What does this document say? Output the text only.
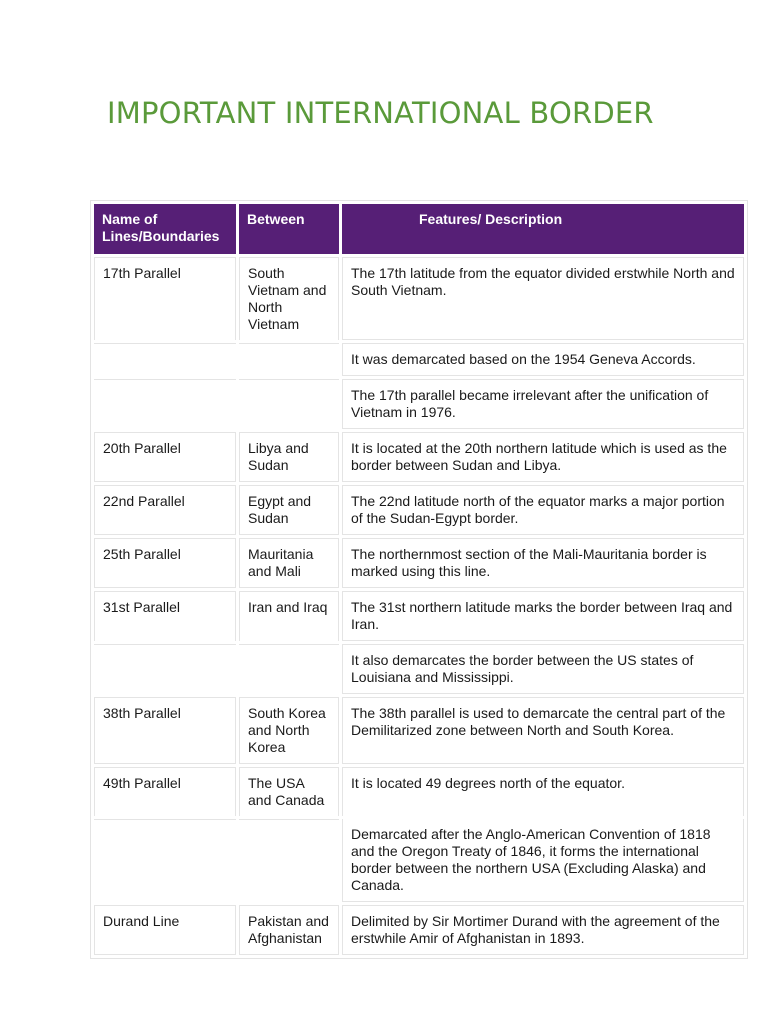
IMPORTANT INTERNATIONAL BORDER
Name of Lines/Boundaries	Between	Features/ Description
17th Parallel	South Vietnam and North Vietnam	The 17th latitude from the equator divided erstwhile North and South Vietnam.
		It was demarcated based on the 1954 Geneva Accords.
		The 17th parallel became irrelevant after the unification of Vietnam in 1976.
20th Parallel	Libya and Sudan	It is located at the 20th northern latitude which is used as the border between Sudan and Libya.
22nd Parallel	Egypt and Sudan	The 22nd latitude north of the equator marks a major portion of the Sudan-Egypt border.
25th Parallel	Mauritania and Mali	The northernmost section of the Mali-Mauritania border is marked using this line.
31st Parallel	Iran and Iraq	The 31st northern latitude marks the border between Iraq and Iran.
		It also demarcates the border between the US states of Louisiana and Mississippi.
38th Parallel	South Korea and North Korea	The 38th parallel is used to demarcate the central part of the Demilitarized zone between North and South Korea.
49th Parallel	The USA and Canada	It is located 49 degrees north of the equator.
		Demarcated after the Anglo-American Convention of 1818 and the Oregon Treaty of 1846, it forms the international border between the northern USA (Excluding Alaska) and Canada.
Durand Line	Pakistan and Afghanistan	Delimited by Sir Mortimer Durand with the agreement of the erstwhile Amir of Afghanistan in 1893.
